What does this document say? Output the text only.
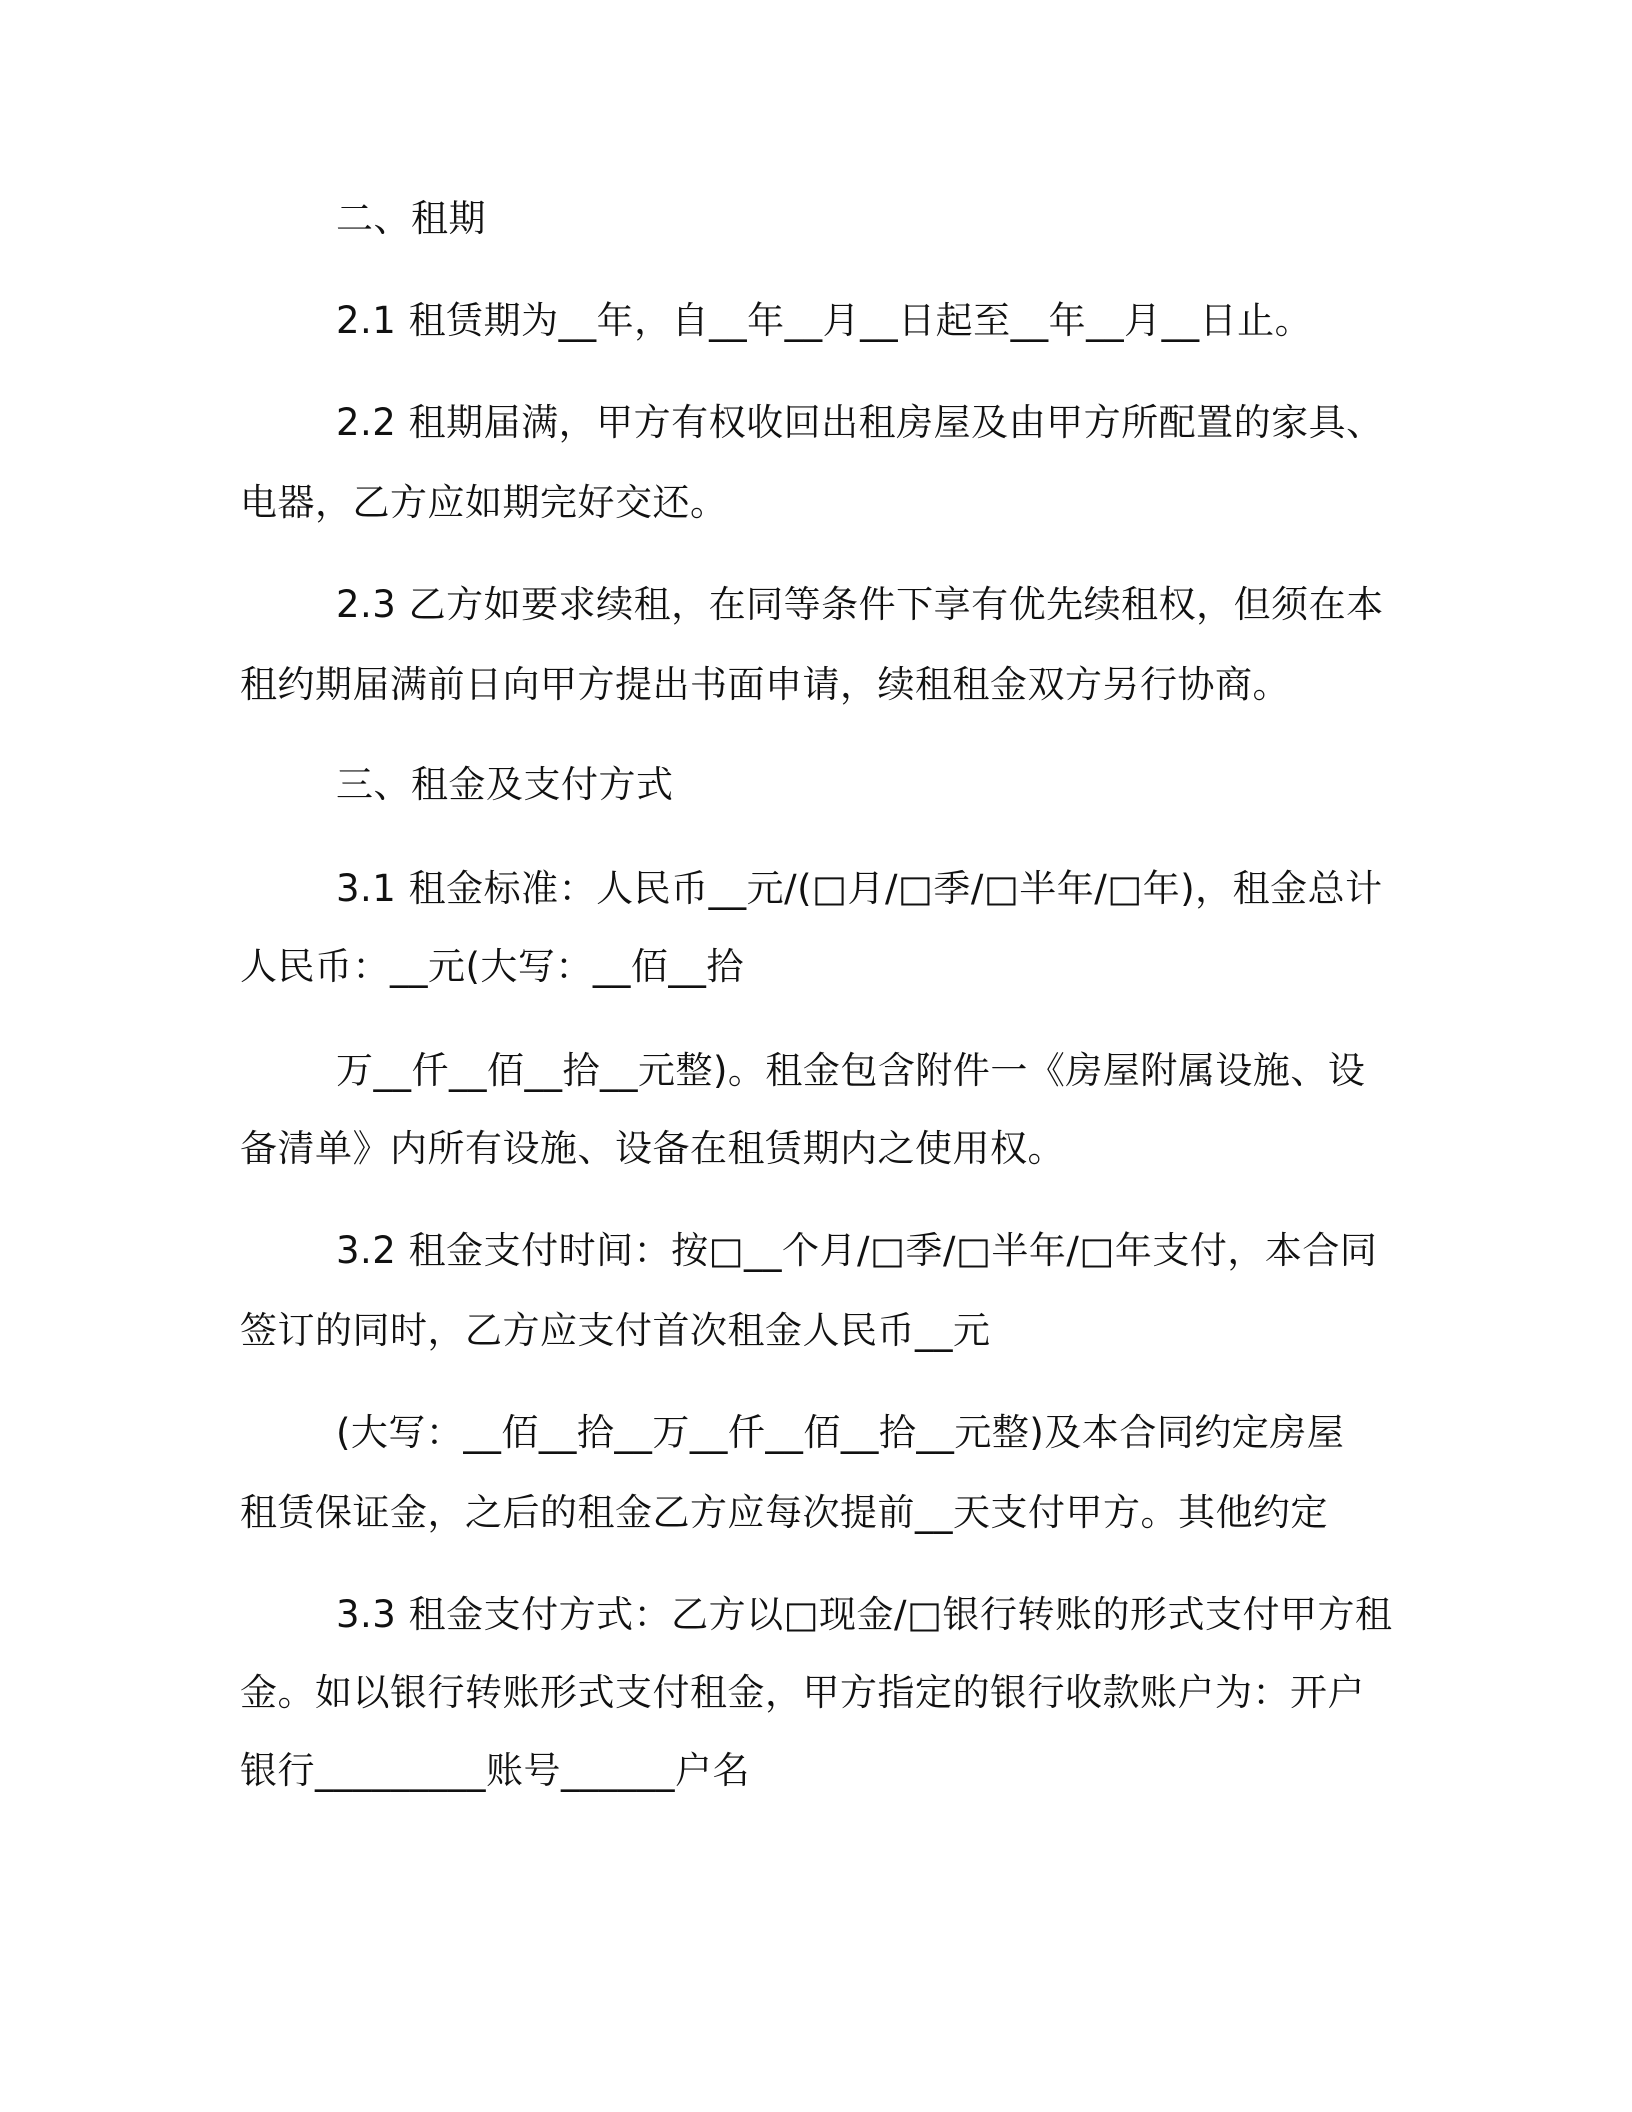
二、租期
2.1 租赁期为__年，自__年__月__日起至__年__月__日止。
2.2 租期届满，甲方有权收回出租房屋及由甲方所配置的家具、
电器，乙方应如期完好交还。
2.3 乙方如要求续租，在同等条件下享有优先续租权，但须在本
租约期届满前日向甲方提出书面申请，续租租金双方另行协商。
三、租金及支付方式
3.1 租金标准：人民币__元/(□月/□季/□半年/□年)，租金总计
人民币：__元(大写：__佰__拾
万__仟__佰__拾__元整)。租金包含附件一《房屋附属设施、设
备清单》内所有设施、设备在租赁期内之使用权。
3.2 租金支付时间：按□__个月/□季/□半年/□年支付，本合同
签订的同时，乙方应支付首次租金人民币__元
(大写：__佰__拾__万__仟__佰__拾__元整)及本合同约定房屋
租赁保证金，之后的租金乙方应每次提前__天支付甲方。其他约定
3.3 租金支付方式：乙方以□现金/□银行转账的形式支付甲方租
金。如以银行转账形式支付租金，甲方指定的银行收款账户为：开户
银行_________账号______户名
